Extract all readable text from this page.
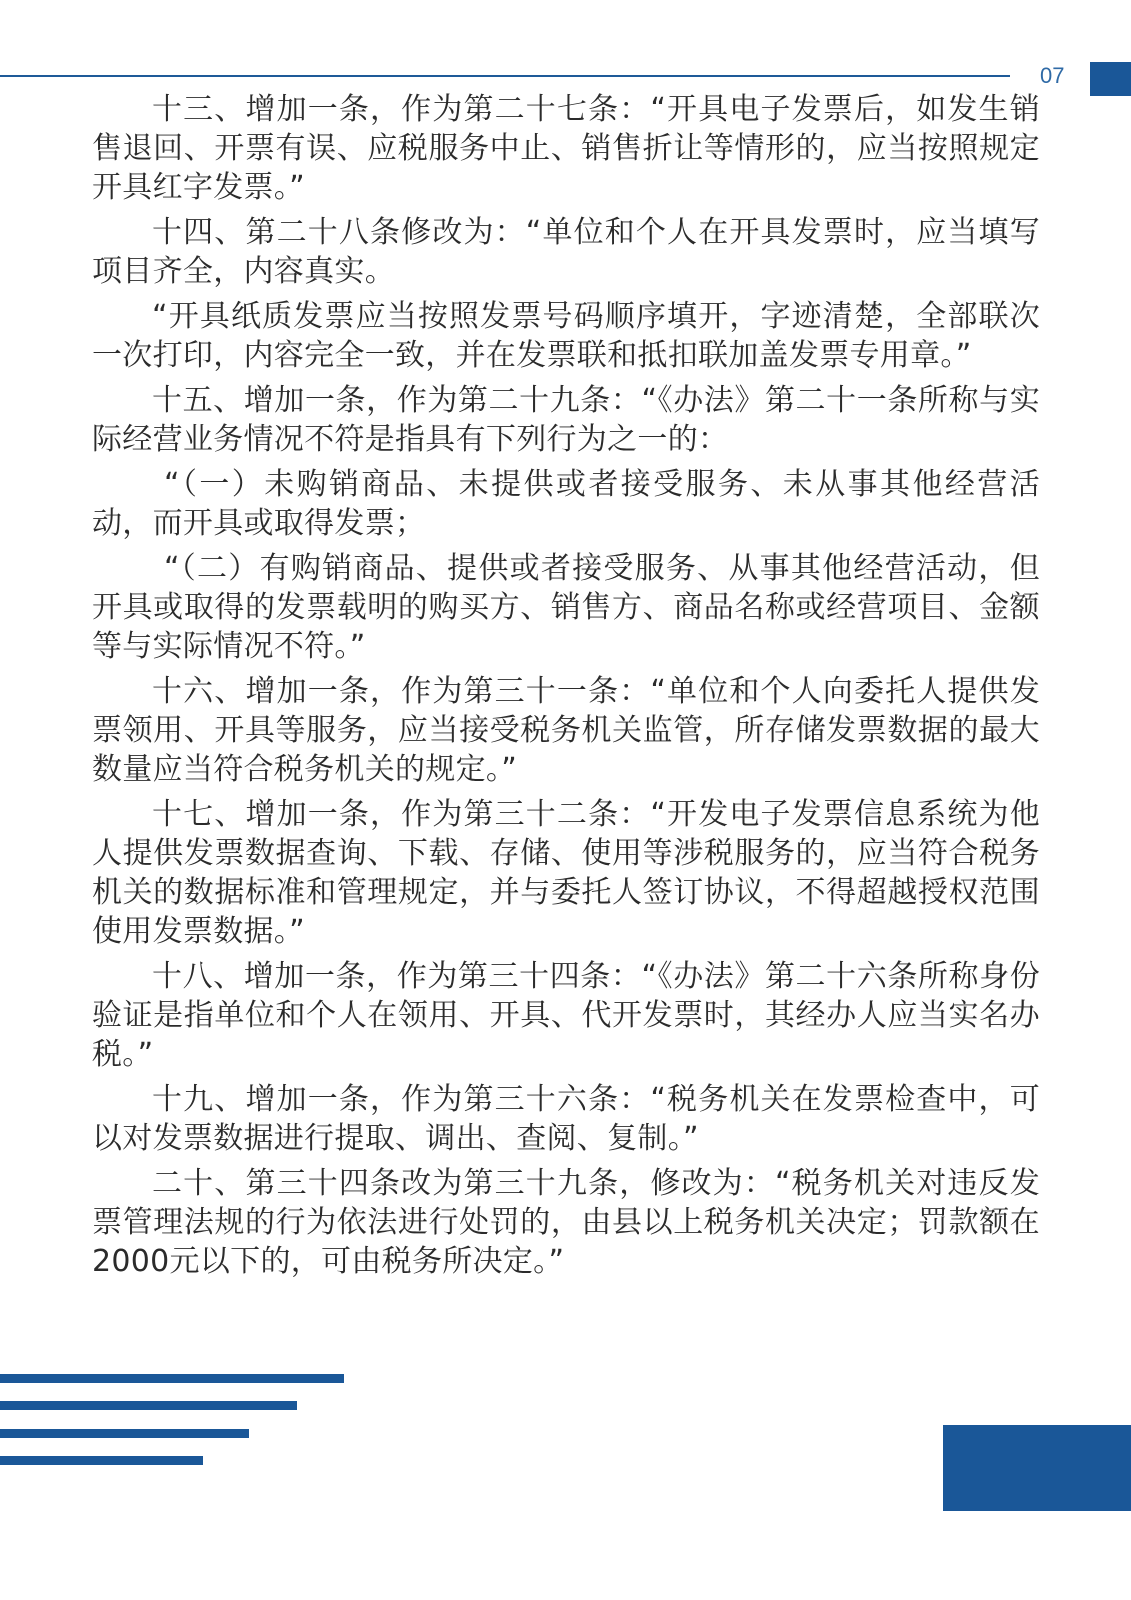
07

十三、增加一条，作为第二十七条：“开具电子发票后，如发生销售退回、开票有误、应税服务中止、销售折让等情形的，应当按照规定开具红字发票。”

十四、第二十八条修改为：“单位和个人在开具发票时，应当填写项目齐全，内容真实。

“开具纸质发票应当按照发票号码顺序填开，字迹清楚，全部联次一次打印，内容完全一致，并在发票联和抵扣联加盖发票专用章。”

十五、增加一条，作为第二十九条：“《办法》第二十一条所称与实际经营业务情况不符是指具有下列行为之一的：

“（一）未购销商品、未提供或者接受服务、未从事其他经营活动，而开具或取得发票；

“（二）有购销商品、提供或者接受服务、从事其他经营活动，但开具或取得的发票载明的购买方、销售方、商品名称或经营项目、金额等与实际情况不符。”

十六、增加一条，作为第三十一条：“单位和个人向委托人提供发票领用、开具等服务，应当接受税务机关监管，所存储发票数据的最大数量应当符合税务机关的规定。”

十七、增加一条，作为第三十二条：“开发电子发票信息系统为他人提供发票数据查询、下载、存储、使用等涉税服务的，应当符合税务机关的数据标准和管理规定，并与委托人签订协议，不得超越授权范围使用发票数据。”

十八、增加一条，作为第三十四条：“《办法》第二十六条所称身份验证是指单位和个人在领用、开具、代开发票时，其经办人应当实名办税。”

十九、增加一条，作为第三十六条：“税务机关在发票检查中，可以对发票数据进行提取、调出、查阅、复制。”

二十、第三十四条改为第三十九条，修改为：“税务机关对违反发票管理法规的行为依法进行处罚的，由县以上税务机关决定；罚款额在2000元以下的，可由税务所决定。”
